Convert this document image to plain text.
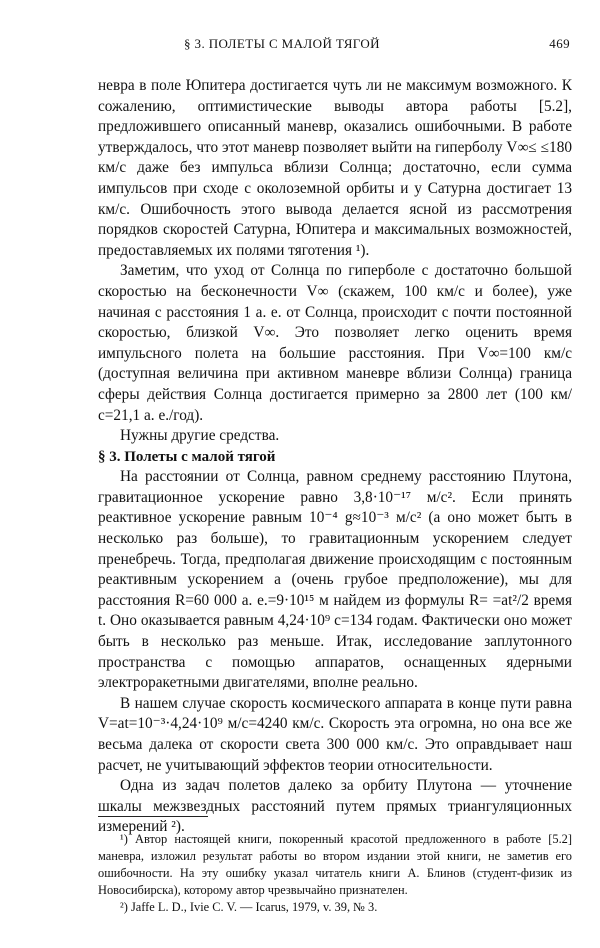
§ 3. ПОЛЕТЫ С МАЛОЙ ТЯГОЙ	469

невра в поле Юпитера достигается чуть ли не максимум возможного. К сожалению, оптимистические выводы автора работы [5.2], предложившего описанный маневр, оказались ошибочными. В работе утверждалось, что этот маневр позволяет выйти на гиперболу V∞≤ ≤180 км/с даже без импульса вблизи Солнца; достаточно, если сумма импульсов при сходе с околоземной орбиты и у Сатурна достигает 13 км/с. Ошибочность этого вывода делается ясной из рассмотрения порядков скоростей Сатурна, Юпитера и максимальных возможностей, предоставляемых их полями тяготения ¹).

Заметим, что уход от Солнца по гиперболе с достаточно большой скоростью на бесконечности V∞ (скажем, 100 км/с и более), уже начиная с расстояния 1 а. е. от Солнца, происходит с почти постоянной скоростью, близкой V∞. Это позволяет легко оценить время импульсного полета на большие расстояния. При V∞=100 км/с (доступная величина при активном маневре вблизи Солнца) граница сферы действия Солнца достигается примерно за 2800 лет (100 км/с=21,1 а. е./год).

Нужны другие средства.

§ 3. Полеты с малой тягой

На расстоянии от Солнца, равном среднему расстоянию Плутона, гравитационное ускорение равно 3,8·10⁻¹⁷ м/с². Если принять реактивное ускорение равным 10⁻⁴ g≈10⁻³ м/с² (а оно может быть в несколько раз больше), то гравитационным ускорением следует пренебречь. Тогда, предполагая движение происходящим с постоянным реактивным ускорением a (очень грубое предположение), мы для расстояния R=60 000 а. е.=9·10¹⁵ м найдем из формулы R= =at²/2 время t. Оно оказывается равным 4,24·10⁹ с=134 годам. Фактически оно может быть в несколько раз меньше. Итак, исследование заплутонного пространства с помощью аппаратов, оснащенных ядерными электроракетными двигателями, вполне реально.

В нашем случае скорость космического аппарата в конце пути равна V=at=10⁻³·4,24·10⁹ м/с=4240 км/с. Скорость эта огромна, но она все же весьма далека от скорости света 300 000 км/с. Это оправдывает наш расчет, не учитывающий эффектов теории относительности.

Одна из задач полетов далеко за орбиту Плутона — уточнение шкалы межзвездных расстояний путем прямых триангуляционных измерений ²).

¹) Автор настоящей книги, покоренный красотой предложенного в работе [5.2] маневра, изложил результат работы во втором издании этой книги, не заметив его ошибочности. На эту ошибку указал читатель книги А. Блинов (студент-физик из Новосибирска), которому автор чрезвычайно признателен.

²) Jaffe L. D., Ivie C. V. — Icarus, 1979, v. 39, № 3.
